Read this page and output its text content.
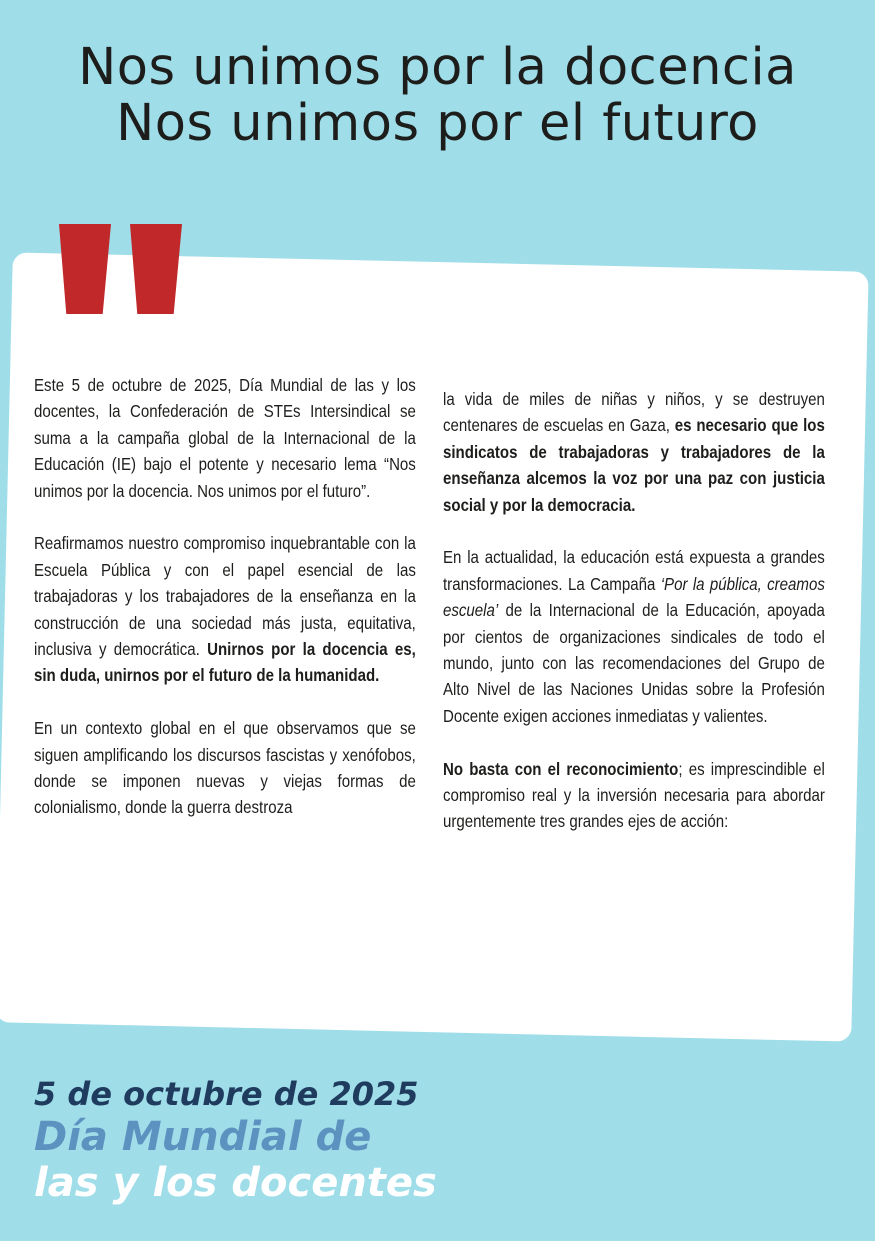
Nos unimos por la docencia
Nos unimos por el futuro

Este 5 de octubre de 2025, Día Mundial de las y los docentes, la Confederación de STEs Intersindical se suma a la campaña global de la Internacional de la Educación (IE) bajo el potente y necesario lema “Nos unimos por la docencia. Nos unimos por el futuro”.

Reafirmamos nuestro compromiso inquebrantable con la Escuela Pública y con el papel esencial de las trabajadoras y los trabajadores de la enseñanza en la construcción de una sociedad más justa, equitativa, inclusiva y democrática. Unirnos por la docencia es, sin duda, unirnos por el futuro de la humanidad.

En un contexto global en el que observamos que se siguen amplificando los discursos fascistas y xenófobos, donde se imponen nuevas y viejas formas de colonialismo, donde la guerra destroza

la vida de miles de niñas y niños, y se destruyen centenares de escuelas en Gaza, es necesario que los sindicatos de trabajadoras y trabajadores de la enseñanza alcemos la voz por una paz con justicia social y por la democracia.

En la actualidad, la educación está expuesta a grandes transformaciones. La Campaña ‘Por la pública, creamos escuela’ de la Internacional de la Educación, apoyada por cientos de organizaciones sindicales de todo el mundo, junto con las recomendaciones del Grupo de Alto Nivel de las Naciones Unidas sobre la Profesión Docente exigen acciones inmediatas y valientes.

No basta con el reconocimiento; es imprescindible el compromiso real y la inversión necesaria para abordar urgentemente tres grandes ejes de acción:

5 de octubre de 2025
Día Mundial de
las y los docentes
